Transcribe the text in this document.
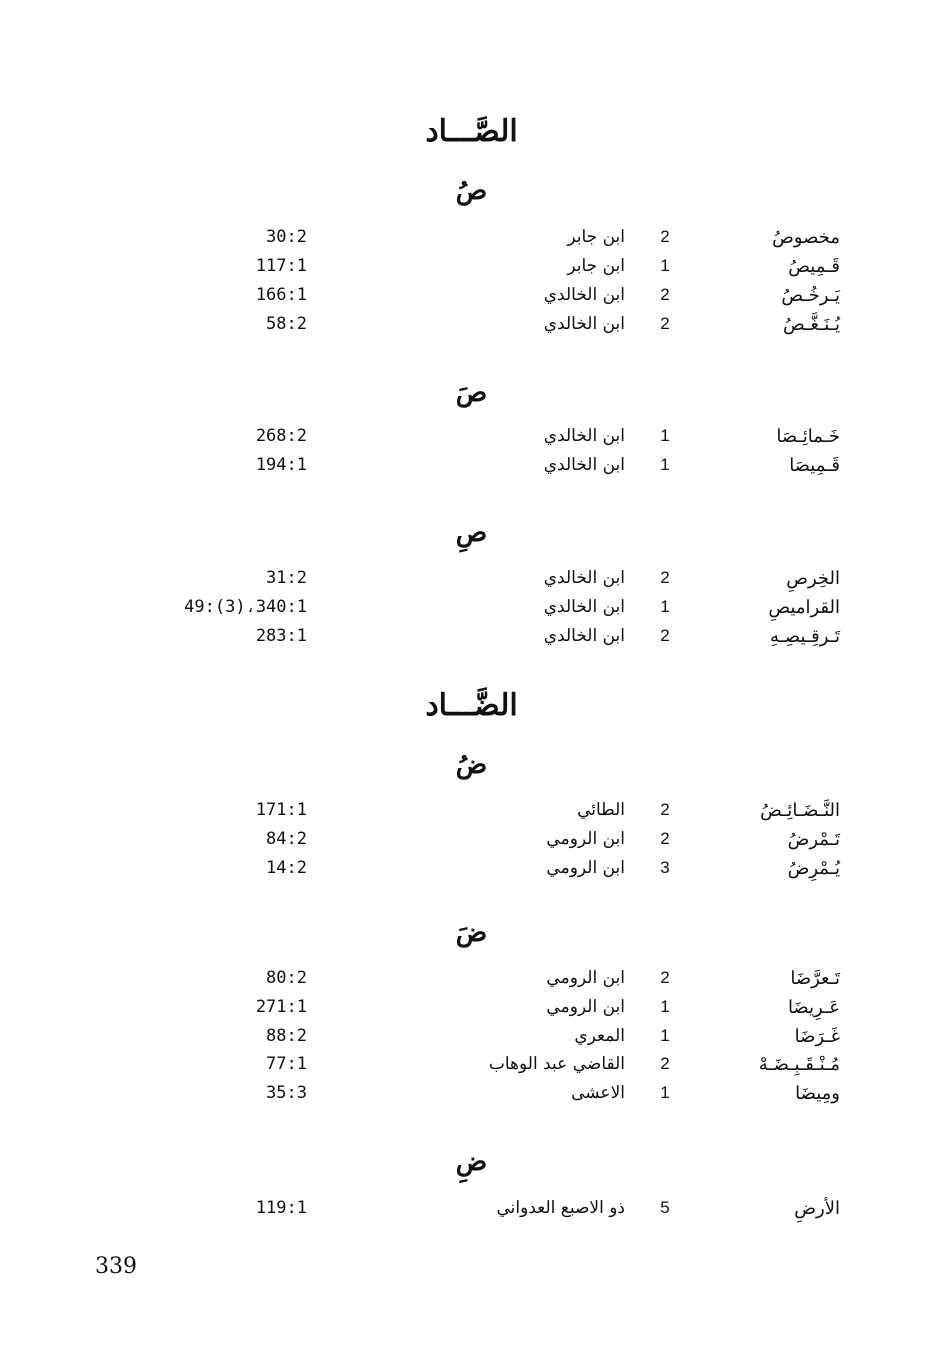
الصَّـــاد
صُ
مخصوصُ
2
ابن جابر
30:2
قَـمِيصُ
1
ابن جابر
117:1
يَـرخُـصُ
2
ابن الخالدي
166:1
يُـنَـغَّـصُ
2
ابن الخالدي
58:2
صَ
خَـمائِـصَا
1
ابن الخالدي
268:2
قَـمِيصَا
1
ابن الخالدي
194:1
صِ
الخِرصِ
2
ابن الخالدي
31:2
القراميصِ
1
ابن الخالدي
49:(3)،340:1
تَـرقِـيصِـهِ
2
ابن الخالدي
283:1
الضَّـــاد
ضُ
النَّـضَـائِـضُ
2
الطائي
171:1
تَـمْرضُ
2
ابن الرومي
84:2
يُـمْرِضُ
3
ابن الرومي
14:2
ضَ
تَـعرَّضَا
2
ابن الرومي
80:2
عَـرِيضَا
1
ابن الرومي
271:1
غَـرَضَا
1
المعري
88:2
مُـنْـقَـبِـضَـهْ
2
القاضي عبد الوهاب
77:1
ومِيضَا
1
الاعشى
35:3
ضِ
الأرضِ
5
ذو الاصبع العدواني
119:1
339
